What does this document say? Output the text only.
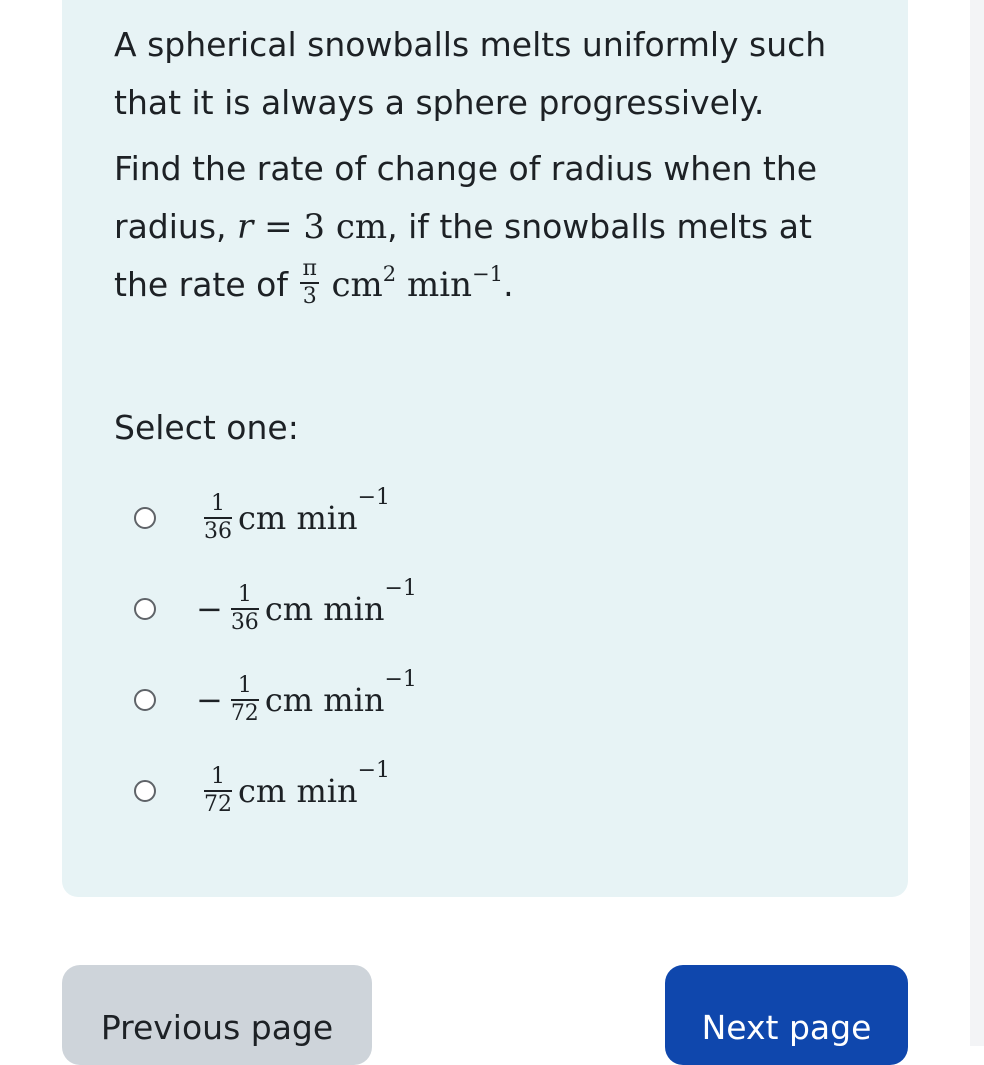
A spherical snowballs melts uniformly such that it is always a sphere progressively.

Find the rate of change of radius when the radius, r = 3 cm, if the snowballs melts at the rate of $\frac{\pi}{3} cm^2$ $\min^{-1}$.

Select one:
$\frac{1}{36}$ cm $\min^{-1}$
− $\frac{1}{36}$ cm $\min^{-1}$
− $\frac{1}{72}$ cm $\min^{-1}$
$\frac{1}{72}$ cm $\min^{-1}$
Previous page	Next page
